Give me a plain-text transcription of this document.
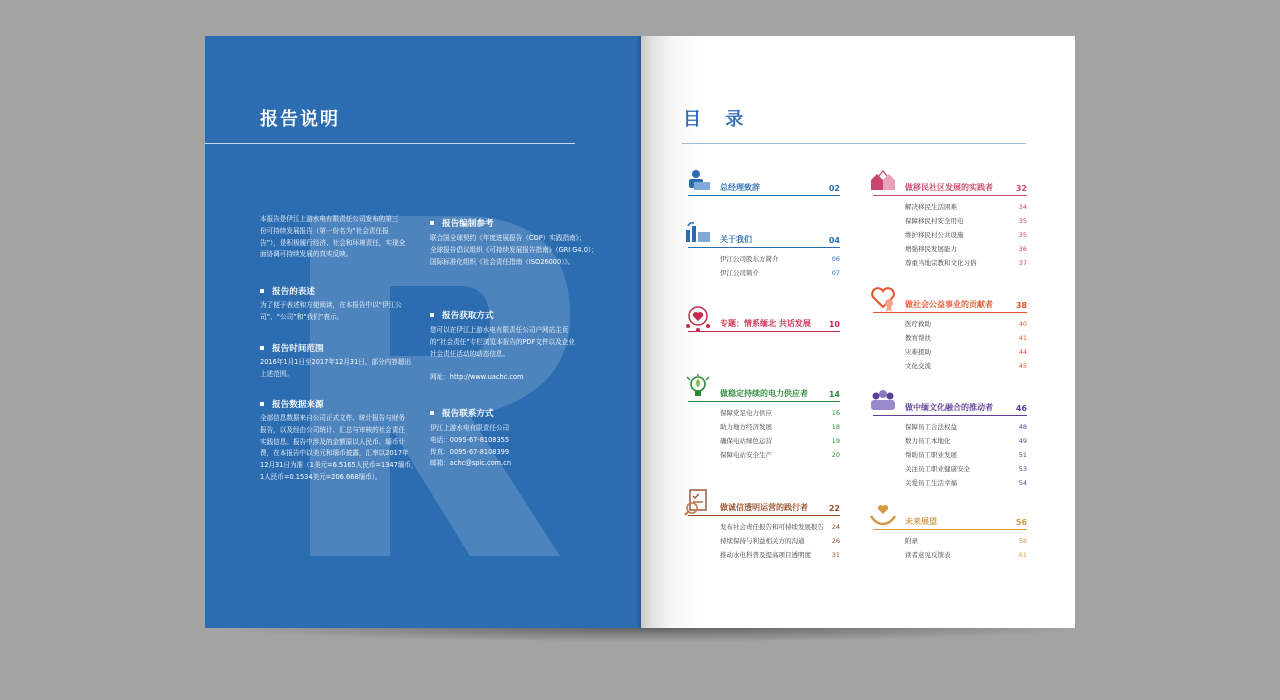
报告说明
本报告是伊江上游水电有限责任公司发布的第三
份可持续发展报告（第一份名为“社会责任报
告”），是积极履行经济、社会和环境责任，实现全
面协调可持续发展的真实反映。
报告的表述
为了便于表述和方便阅读，在本报告中以“伊江公
司”、“公司”和“我们”表示。
报告时间范围
2016年1月1日至2017年12月31日，部分内容超出
上述范围。
报告数据来源
全部信息数据来自公司正式文件、统计报告与财务
报告，以及经由公司统计、汇总与审核的社会责任
实践信息。报告中涉及的金额原以人民币、缅币计
费，在本报告中以美元和缅币披露，汇率以2017年
12月31日为准（1美元=6.5165人民币=1347缅币，
1人民币=0.1534美元=206.668缅币）。
报告编制参考
联合国全球契约《年度进展报告（COP）实践指南》；
全球报告倡议组织《可持续发展报告指南》（GRI G4.0）；
国际标准化组织《社会责任指南（ISO26000）》。
报告获取方式
您可以在伊江上游水电有限责任公司户网站主页
的“社会责任”专栏浏览本报告的PDF文件以及企业
社会责任活动的动态信息。

网址：http://www.uachc.com
报告联系方式
伊江上游水电有限责任公司
电话：0095-67-8108355
传真：0095-67-8108399
邮箱：achc@spic.com.cn
目 录
总经理致辞	02
关于我们	04
伊江公司股东方简介	06
伊江公司简介	07
专题：情系缅北 共话发展 10
做稳定持续的电力供应者	14
保障党足电力供应	16
助力地方经济发展	18
确保电站绿色运营	19
保障电站安全生产	20
做诚信透明运营的践行者	22
发布社会责任报告和可持续发展报告 24
持续保持与利益相关方的沟通	26
推动水电科普及提高项目透明度	31
做移民社区发展的实践者	32
解决移民生活困难	34
保障移民村安全用电	35
维护移民村公共设施	35
增强移民发展能力	36
尊重当地宗教和文化习俗	37
做社会公益事业的贡献者	38
医疗救助	40
教育帮扶	41
灾难援助	44
文化交流	45
做中缅文化融合的推动者	46
保障员工合法权益	48
数力员工本地化	49
帮助员工职业发展	51
关注员工职业健康安全	53
关爱员工生活幸福	54
未来展望	56
附录	58
读者意见反馈表	61
